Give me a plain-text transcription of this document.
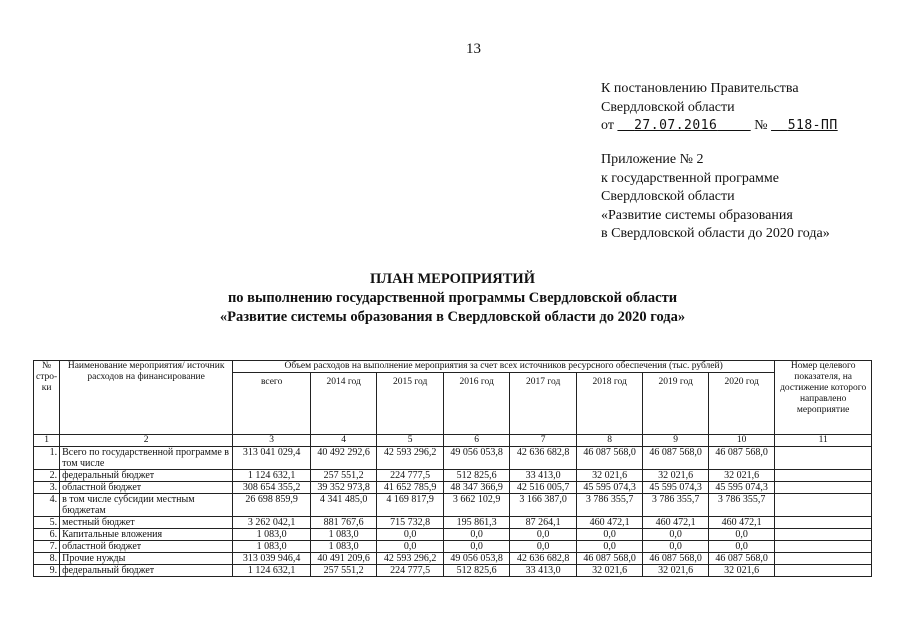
13
К постановлению Правительства
Свердловской области
от 27.07.2016	№ 518-ПП
Приложение № 2
к государственной программе
Свердловской области
«Развитие системы образования
в Свердловской области до 2020 года»
ПЛАН МЕРОПРИЯТИЙ
по выполнению государственной программы Свердловской области
«Развитие системы образования в Свердловской области до 2020 года»
№ стро-ки	Наименование мероприятия/ источник расходов на финансирование	Объем расходов на выполнение мероприятия за счет всех источников ресурсного обеспечения (тыс. рублей)								Номер целевого показателя, на достижение которого направлено мероприятие
		всего	2014 год	2015 год	2016 год	2017 год	2018 год	2019 год	2020 год	
1	2	3	4	5	6	7	8	9	10	11
1.	Всего по государственной программе в том числе	313 041 029,4	40 492 292,6	42 593 296,2	49 056 053,8	42 636 682,8	46 087 568,0	46 087 568,0	46 087 568,0	
2.	федеральный бюджет	1 124 632,1	257 551,2	224 777,5	512 825,6	33 413,0	32 021,6	32 021,6	32 021,6	
3.	областной бюджет	308 654 355,2	39 352 973,8	41 652 785,9	48 347 366,9	42 516 005,7	45 595 074,3	45 595 074,3	45 595 074,3	
4.	в том числе субсидии местным бюджетам	26 698 859,9	4 341 485,0	4 169 817,9	3 662 102,9	3 166 387,0	3 786 355,7	3 786 355,7	3 786 355,7	
5.	местный бюджет	3 262 042,1	881 767,6	715 732,8	195 861,3	87 264,1	460 472,1	460 472,1	460 472,1	
6.	Капитальные вложения	1 083,0	1 083,0	0,0	0,0	0,0	0,0	0,0	0,0	
7.	областной бюджет	1 083,0	1 083,0	0,0	0,0	0,0	0,0	0,0	0,0	
8.	Прочие нужды	313 039 946,4	40 491 209,6	42 593 296,2	49 056 053,8	42 636 682,8	46 087 568,0	46 087 568,0	46 087 568,0	
9.	федеральный бюджет	1 124 632,1	257 551,2	224 777,5	512 825,6	33 413,0	32 021,6	32 021,6	32 021,6	
